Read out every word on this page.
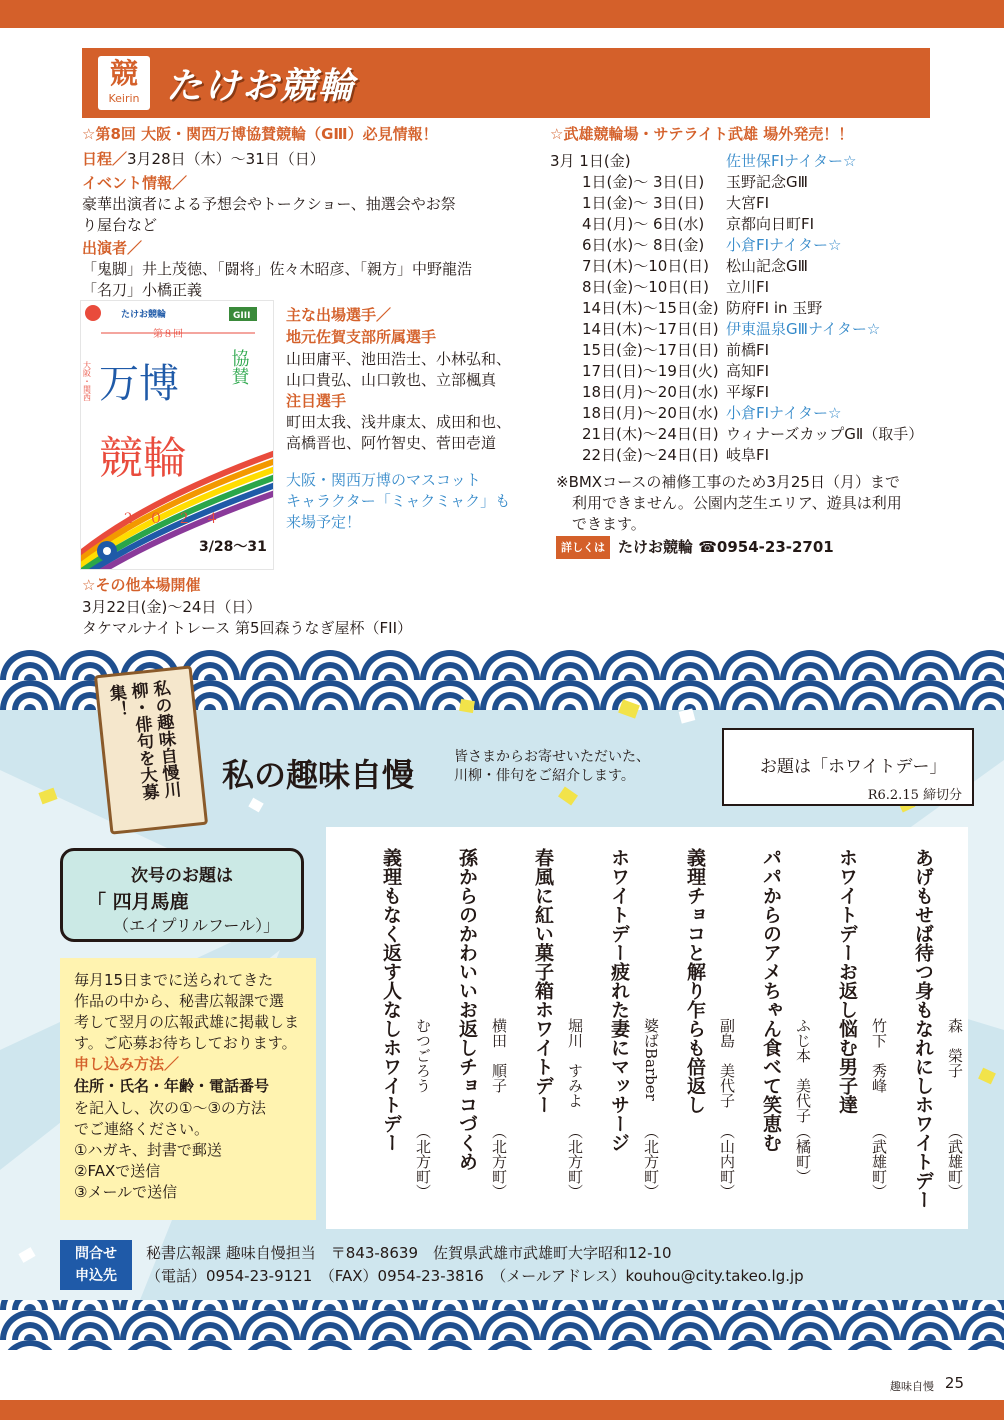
競
Keirin たけお競輪
☆第8回 大阪・関西万博協賛競輪（GⅢ）必見情報！
日程／3月28日（木）～31日（日）
イベント情報／
豪華出演者による予想会やトークショー、抽選会やお祭
り屋台など
出演者／
「鬼脚」井上茂徳、「闘将」佐々木昭彦、「親方」中野龍浩
「名刀」小橋正義
たけお競輪	GIII
第８回
万博	協賛
大阪・関西
競輪
２０２４
3/28～31
主な出場選手／
地元佐賀支部所属選手
山田庸平、池田浩士、小林弘和、
山口貴弘、山口敦也、立部楓真
注目選手
町田太我、浅井康太、成田和也、
高橋晋也、阿竹智史、菅田壱道
大阪・関西万博のマスコット
キャラクター「ミャクミャク」も
来場予定！
☆その他本場開催
3月22日(金)～24日（日）
タケマルナイトレース 第5回森うなぎ屋杯（FII）
☆武雄競輪場・サテライト武雄 場外発売！！
3月 1日(金)	佐世保FⅠナイター☆
1日(金)～ 3日(日) 玉野記念GⅢ
1日(金)～ 3日(日) 大宮FⅠ
4日(月)～ 6日(水) 京都向日町FⅠ
6日(水)～ 8日(金) 小倉FⅠナイター☆
7日(木)～10日(日) 松山記念GⅢ
8日(金)～10日(日) 立川FⅠ
14日(木)～15日(金) 防府FⅠ in 玉野
14日(木)～17日(日) 伊東温泉GⅢナイター☆
15日(金)～17日(日) 前橋FⅠ
17日(日)～19日(火) 高知FⅠ
18日(月)～20日(水) 平塚FⅠ
18日(月)～20日(水) 小倉FⅠナイター☆
21日(木)～24日(日) ウィナーズカップGⅡ（取手）
22日(金)～24日(日) 岐阜FⅠ
※BMXコースの補修工事のため3月25日（月）まで
利用できません。公園内芝生エリア、遊具は利用
できます。
詳しくは たけお競輪 ☎0954-23-2701
私の趣味自慢川柳・俳句を大募集！
私の趣味自慢	皆さまからお寄せいただいた、
川柳・俳句をご紹介します。	お題は「ホワイトデー」
R6.2.15 締切分
あげもせば待つ身もなれにしホワイトデー 森　榮子
（武雄町）
ホワイトデーお返し悩む男子達 竹下　秀峰
（武雄町）
パパからのアメちゃん食べて笑恵む ふじ本　美代子
（橘町）
義理チョコと解り乍らも倍返し 副島　美代子
（山内町）
ホワイトデー疲れた妻にマッサージ 婆ばBarber
（北方町）
春風に紅い菓子箱ホワイトデー 堀川　すみよ
（北方町）
孫からのかわいいお返しチョコづくめ 横田　順子
（北方町）
義理もなく返す人なしホワイトデー むつごろう
（北方町）
次号のお題は
「 四月馬鹿
（エイプリルフール）」
毎月15日までに送られてきた
作品の中から、秘書広報課で選
考して翌月の広報武雄に掲載しま
す。ご応募お待ちしております。
申し込み方法／
住所・氏名・年齢・電話番号
を記入し、次の①～③の方法
でご連絡ください。
①ハガキ、封書で郵送
②FAXで送信
③メールで送信
問合せ
申込先
秘書広報課 趣味自慢担当　〒843-8639　佐賀県武雄市武雄町大字昭和12-10
（電話）0954-23-9121　（FAX）0954-23-3816　（メールアドレス）kouhou@city.takeo.lg.jp
趣味自慢 25
